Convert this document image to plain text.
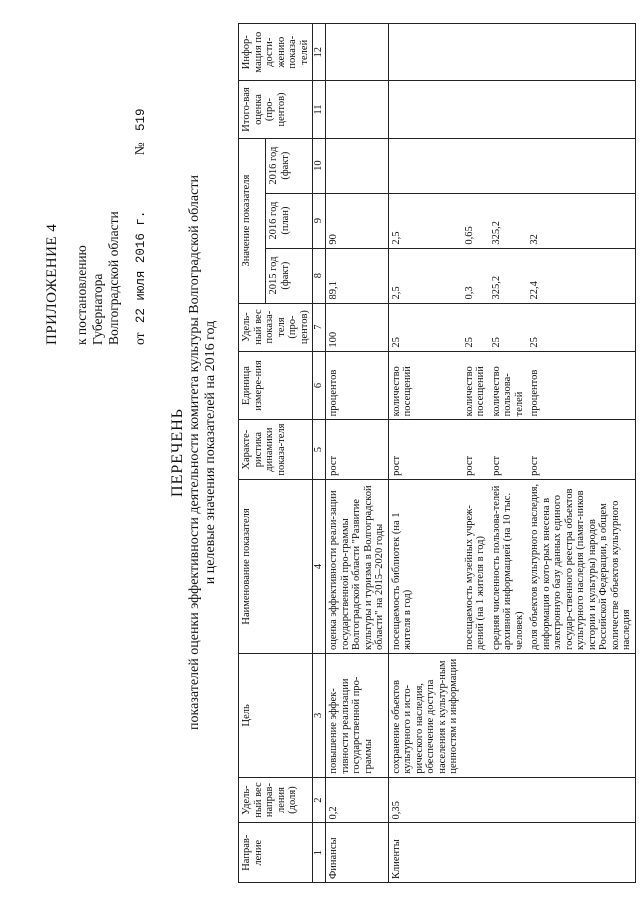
ПРИЛОЖЕНИЕ 4 к постановлению Губернатора Волгоградской области от 22 июля 2016 г. № 519
ПЕРЕЧЕНЬ показателей оценки эффективности деятельности комитета культуры Волгоградской области и целевые значения показателей на 2016 год
Направ-ление	Удель-ный вес направ-ления (доля)	Цель	Наименование показателя	Характе-ристика динамики показа-теля	Единица измере-ния	Удель-ный вес показа-теля (про-центов)	Значение показателя			Итого-вая оценка (про-центов)	Инфор-мация по дости-жению показа-телей
							2015 год (факт)	2016 год (план)	2016 год (факт)		
1	2	3	4	5	6	7	8	9	10	11	12
Финансы	0,2	повышение эффек-тивности реализации государственной про-граммы	оценка эффективности реали-зации государственной про-граммы Волгоградской области "Развитие культуры и туризма в Волгоградской области" на 2015–2020 годы	рост	процентов	100	89,1	90			
Клиенты	0,35	сохранение объектов культурного и исто-рического наследия, обеспечение доступа населения к культур-ным ценностям и информации	посещаемость библиотек (на 1 жителя в год)	рост	количество посещений	25	2,5	2,5			
			посещаемость музейных учреж-дений (на 1 жителя в год)	рост	количество посещений	25	0,3	0,65			
			средняя численность пользова-телей архивной информацией (на 10 тыс. человек)	рост	количество пользова-телей	25	325,2	325,2			
			доля объектов культурного наследия, информация о кото-рых внесена в электронную базу данных единого государ-ственного реестра объектов культурного наследия (памят-ников истории и культуры) народов Российской Федерации, в общем количестве объектов культурного наследия	рост	процентов	25	22,4	32			
